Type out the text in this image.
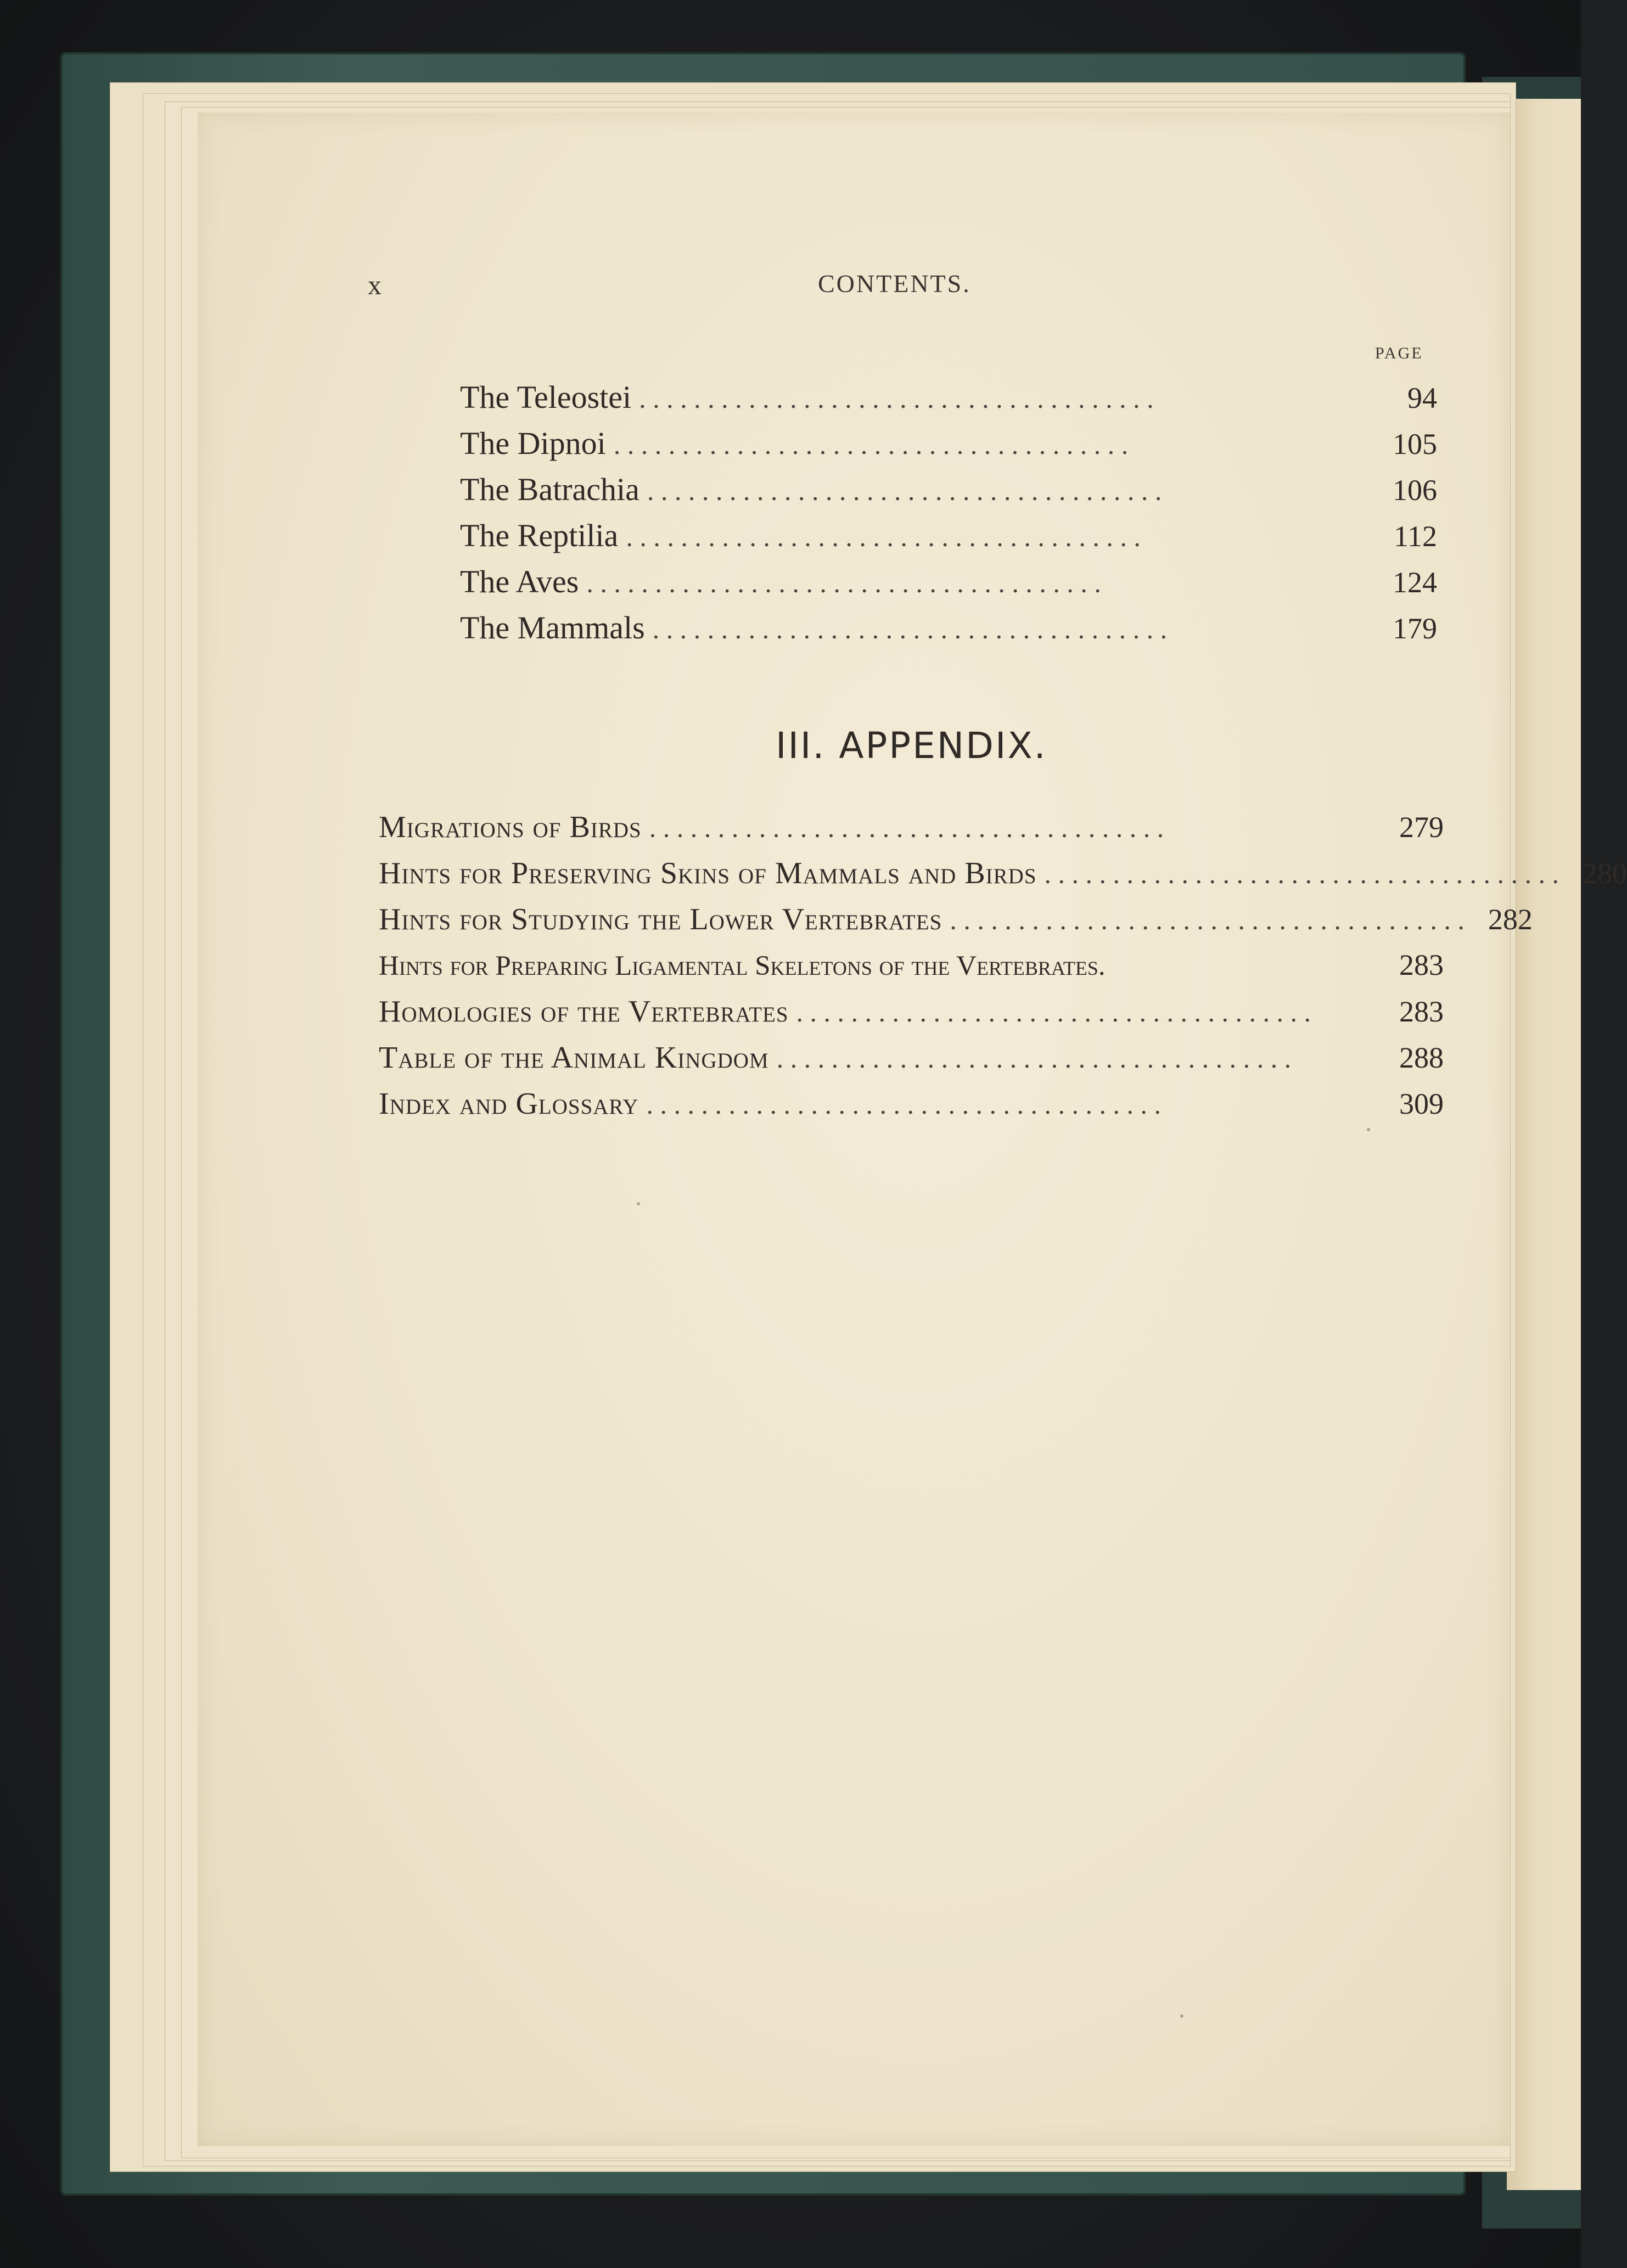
x	CONTENTS.
PAGE
The Teleostei . . . . . . . . . . . . . . . . . . . . . . . . . . . . . . . . . . . . . .	94
The Dipnoi . . . . . . . . . . . . . . . . . . . . . . . . . . . . . . . . . . . . . .	105
The Batrachia . . . . . . . . . . . . . . . . . . . . . . . . . . . . . . . . . . . . . .	106
The Reptilia . . . . . . . . . . . . . . . . . . . . . . . . . . . . . . . . . . . . . .	112
The Aves . . . . . . . . . . . . . . . . . . . . . . . . . . . . . . . . . . . . . .	124
The Mammals . . . . . . . . . . . . . . . . . . . . . . . . . . . . . . . . . . . . . .	179
III. APPENDIX.
Migrations of Birds . . . . . . . . . . . . . . . . . . . . . . . . . . . . . . . . . . . . . .	279
Hints for Preserving Skins of Mammals and Birds . . . . . . . . . . . . . . . . . . . . . . . . . . . . . . . . . . . . . . 280
Hints for Studying the Lower Vertebrates . . . . . . . . . . . . . . . . . . . . . . . . . . . . . . . . . . . . . . 282
Hints for Preparing Ligamental Skeletons of the Vertebrates.	283
Homologies of the Vertebrates . . . . . . . . . . . . . . . . . . . . . . . . . . . . . . . . . . . . . .	283
Table of the Animal Kingdom . . . . . . . . . . . . . . . . . . . . . . . . . . . . . . . . . . . . . .	288
Index and Glossary . . . . . . . . . . . . . . . . . . . . . . . . . . . . . . . . . . . . . .	309
